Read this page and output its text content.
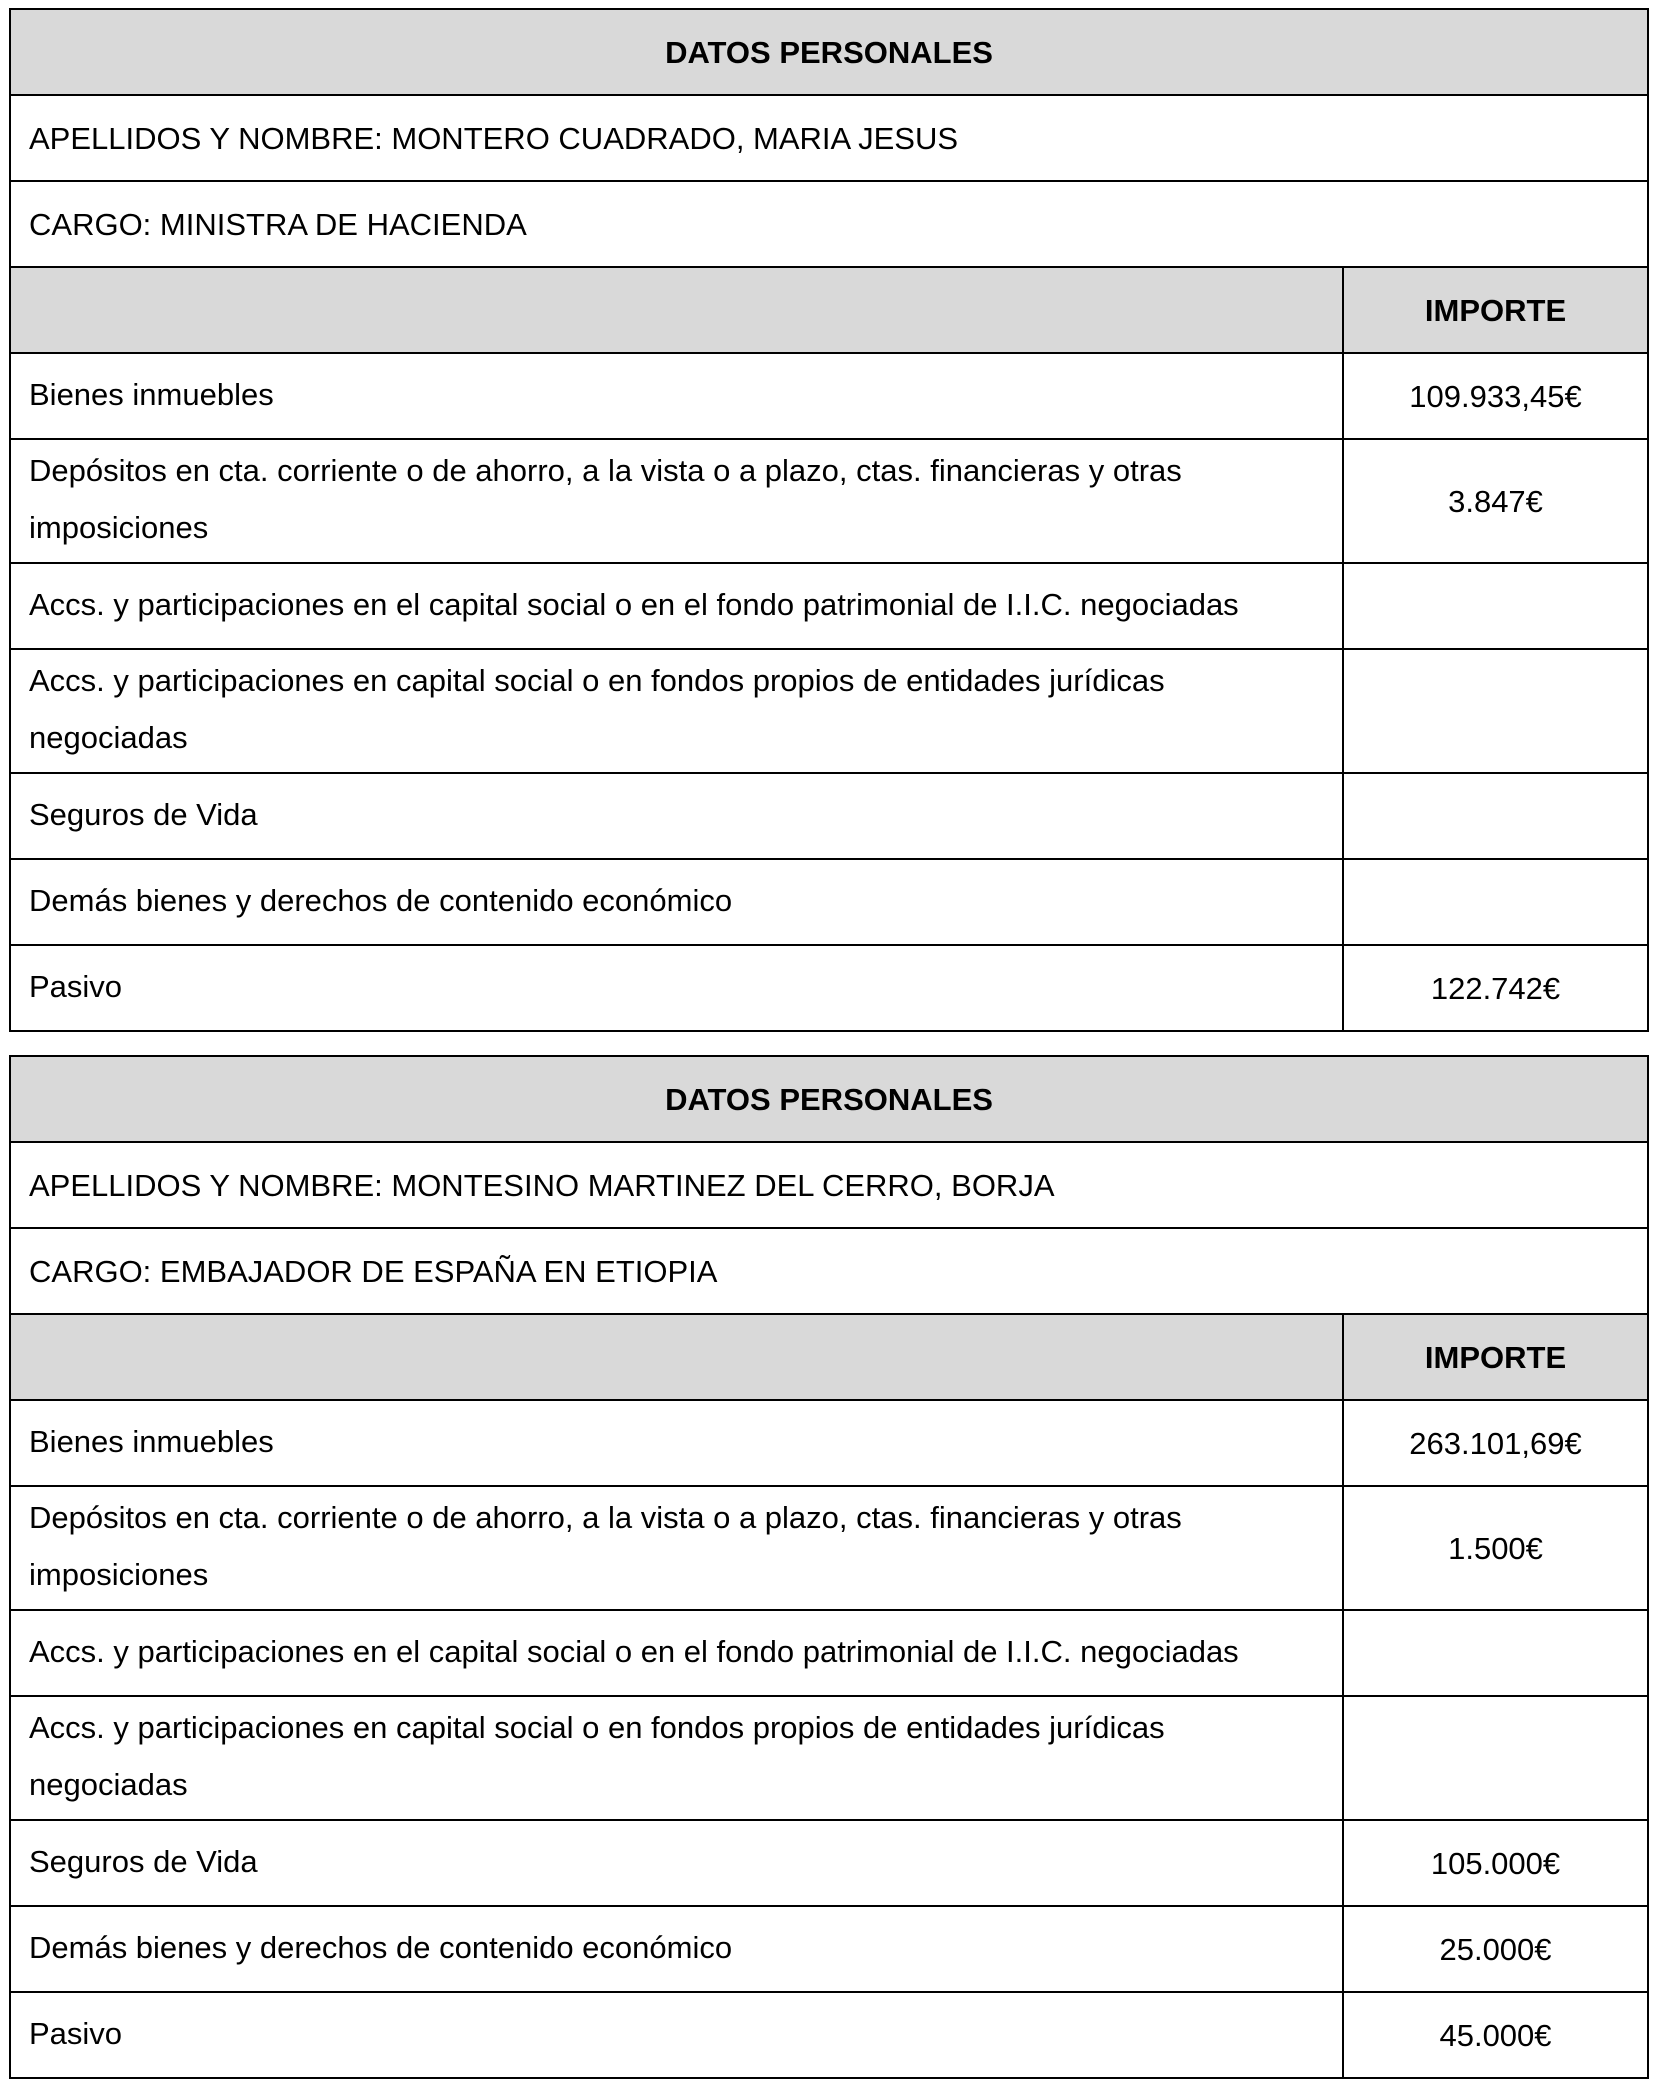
DATOS PERSONALES	
APELLIDOS Y NOMBRE: MONTERO CUADRADO, MARIA JESUS	
CARGO: MINISTRA DE HACIENDA	
	IMPORTE
Bienes inmuebles	109.933,45€
Depósitos en cta. corriente o de ahorro, a la vista o a plazo, ctas. financieras y otras imposiciones	3.847€
Accs. y participaciones en el capital social o en el fondo patrimonial de I.I.C. negociadas	
Accs. y participaciones en capital social o en fondos propios de entidades jurídicas negociadas	
Seguros de Vida	
Demás bienes y derechos de contenido económico	
Pasivo	122.742€
DATOS PERSONALES	
APELLIDOS Y NOMBRE: MONTESINO MARTINEZ DEL CERRO, BORJA	
CARGO: EMBAJADOR DE ESPAÑA EN ETIOPIA	
	IMPORTE
Bienes inmuebles	263.101,69€
Depósitos en cta. corriente o de ahorro, a la vista o a plazo, ctas. financieras y otras imposiciones	1.500€
Accs. y participaciones en el capital social o en el fondo patrimonial de I.I.C. negociadas	
Accs. y participaciones en capital social o en fondos propios de entidades jurídicas negociadas	
Seguros de Vida	105.000€
Demás bienes y derechos de contenido económico	25.000€
Pasivo	45.000€
